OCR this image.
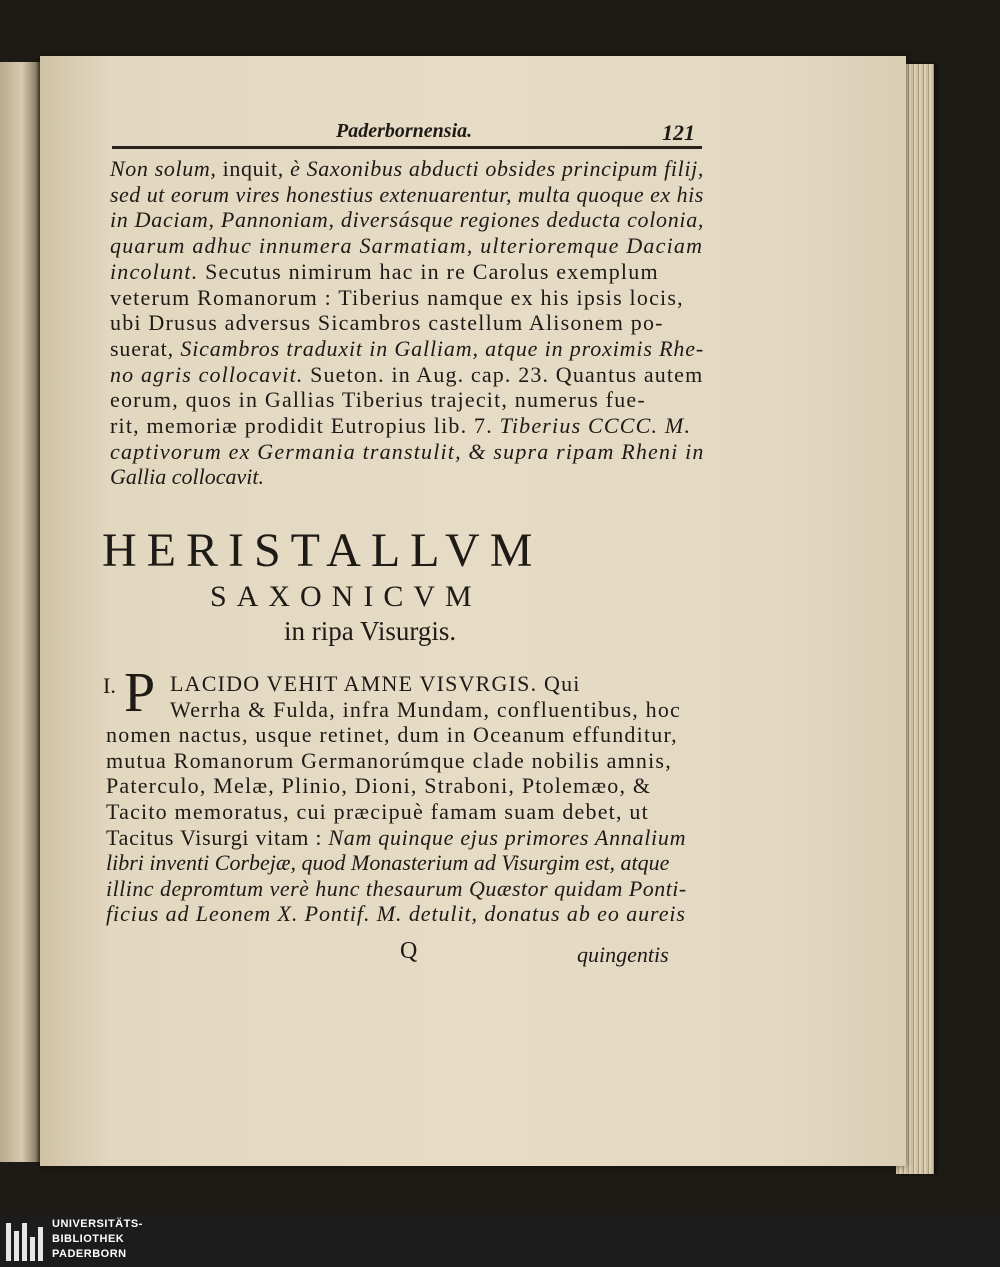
Paderbornensia.	121
Non solum, inquit, è Saxonibus abducti obsides principum filij,
sed ut eorum vires honestius extenuarentur, multa quoque ex his
in Daciam, Pannoniam, diversásque regiones deducta colonia,
quarum adhuc innumera Sarmatiam, ulterioremque Daciam
incolunt. Secutus nimirum hac in re Carolus exemplum
veterum Romanorum : Tiberius namque ex his ipsis locis,
ubi Drusus adversus Sicambros castellum Alisonem po-
suerat, Sicambros traduxit in Galliam, atque in proximis Rhe-
no agris collocavit. Sueton. in Aug. cap. 23. Quantus autem
eorum, quos in Gallias Tiberius trajecit, numerus fue-
rit, memoriæ prodidit Eutropius lib. 7. Tiberius CCCC. M.
captivorum ex Germania transtulit, & supra ripam Rheni in
Gallia collocavit.
HERISTALLVM
SAXONICVM
in ripa Visurgis.
I. P LACIDO VEHIT AMNE VISVRGIS. Qui
Werrha & Fulda, infra Mundam, confluentibus, hoc
nomen nactus, usque retinet, dum in Oceanum effunditur,
mutua Romanorum Germanorúmque clade nobilis amnis,
Paterculo, Melæ, Plinio, Dioni, Straboni, Ptolemæo, &
Tacito memoratus, cui præcipuè famam suam debet, ut
Tacitus Visurgi vitam : Nam quinque ejus primores Annalium
libri inventi Corbejæ, quod Monasterium ad Visurgim est, atque
illinc depromtum verè hunc thesaurum Quæstor quidam Ponti-
ficius ad Leonem X. Pontif. M. detulit, donatus ab eo aureis
Q	quingentis
UNIVERSITÄTS-
BIBLIOTHEK
PADERBORN
